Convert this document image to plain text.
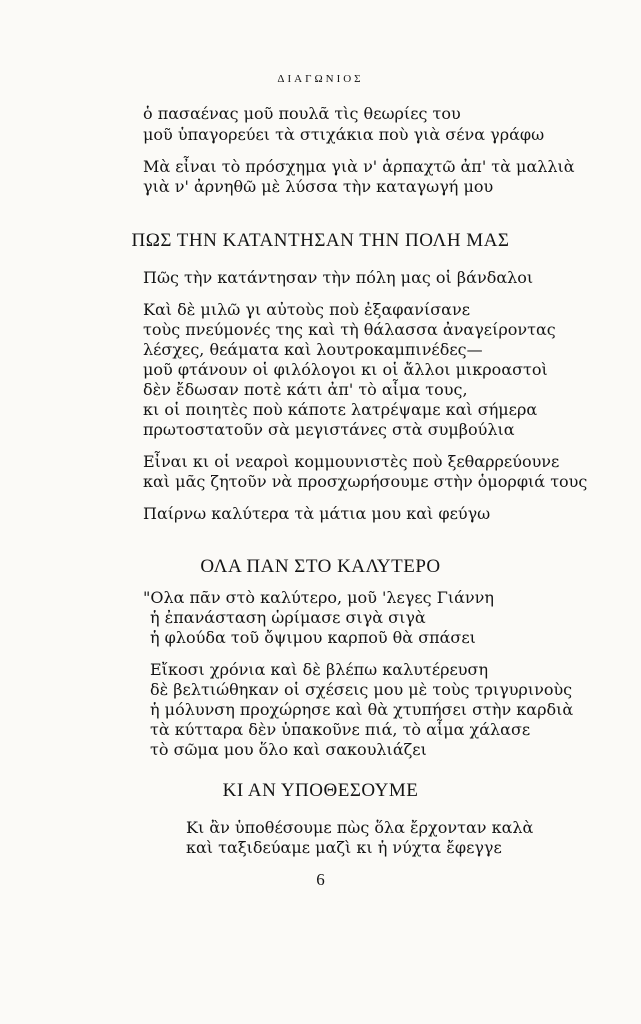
ΔΙΑΓΩΝΙΟΣ
ὁ πασαένας μοῦ πουλᾶ τὶς θεωρίες του
μοῦ ὑπαγορεύει τὰ στιχάκια ποὺ γιὰ σένα γράφω
Μὰ εἶναι τὸ πρόσχημα γιὰ ν' ἁρπαχτῶ ἀπ' τὰ μαλλιὰ
γιὰ ν' ἀρνηθῶ μὲ λύσσα τὴν καταγωγή μου
ΠΩΣ ΤΗΝ ΚΑΤΑΝΤΗΣΑΝ ΤΗΝ ΠΟΛΗ ΜΑΣ
Πῶς τὴν κατάντησαν τὴν πόλη μας οἱ βάνδαλοι
Καὶ δὲ μιλῶ γι αὐτοὺς ποὺ ἐξαφανίσανε
τοὺς πνεύμονές της καὶ τὴ θάλασσα ἀναγείροντας
λέσχες, θεάματα καὶ λουτροκαμπινέδες—
μοῦ φτάνουν οἱ φιλόλογοι κι οἱ ἄλλοι μικροαστοὶ
δὲν ἔδωσαν ποτὲ κάτι ἀπ' τὸ αἷμα τους,
κι οἱ ποιητὲς ποὺ κάποτε λατρέψαμε καὶ σήμερα
πρωτοστατοῦν σὰ μεγιστάνες στὰ συμβούλια
Εἶναι κι οἱ νεαροὶ κομμουνιστὲς ποὺ ξεθαρρεύουνε
καὶ μᾶς ζητοῦν νὰ προσχωρήσουμε στὴν ὁμορφιά τους
Παίρνω καλύτερα τὰ μάτια μου καὶ φεύγω
ΟΛΑ ΠΑΝ ΣΤΟ ΚΑΛΥΤΕΡΟ
"Ολα πᾶν στὸ καλύτερο, μοῦ 'λεγες Γιάννη
ἡ ἐπανάσταση ὡρίμασε σιγὰ σιγὰ
ἡ φλούδα τοῦ ὄψιμου καρποῦ θὰ σπάσει
Εἴκοσι χρόνια καὶ δὲ βλέπω καλυτέρευση
δὲ βελτιώθηκαν οἱ σχέσεις μου μὲ τοὺς τριγυρινοὺς
ἡ μόλυνση προχώρησε καὶ θὰ χτυπήσει στὴν καρδιὰ
τὰ κύτταρα δὲν ὑπακοῦνε πιά, τὸ αἷμα χάλασε
τὸ σῶμα μου ὅλο καὶ σακουλιάζει
ΚΙ ΑΝ ΥΠΟΘΕΣΟΥΜΕ
Κι ἂν ὑποθέσουμε πὼς ὅλα ἔρχονταν καλὰ
καὶ ταξιδεύαμε μαζὶ κι ἡ νύχτα ἔφεγγε
6
